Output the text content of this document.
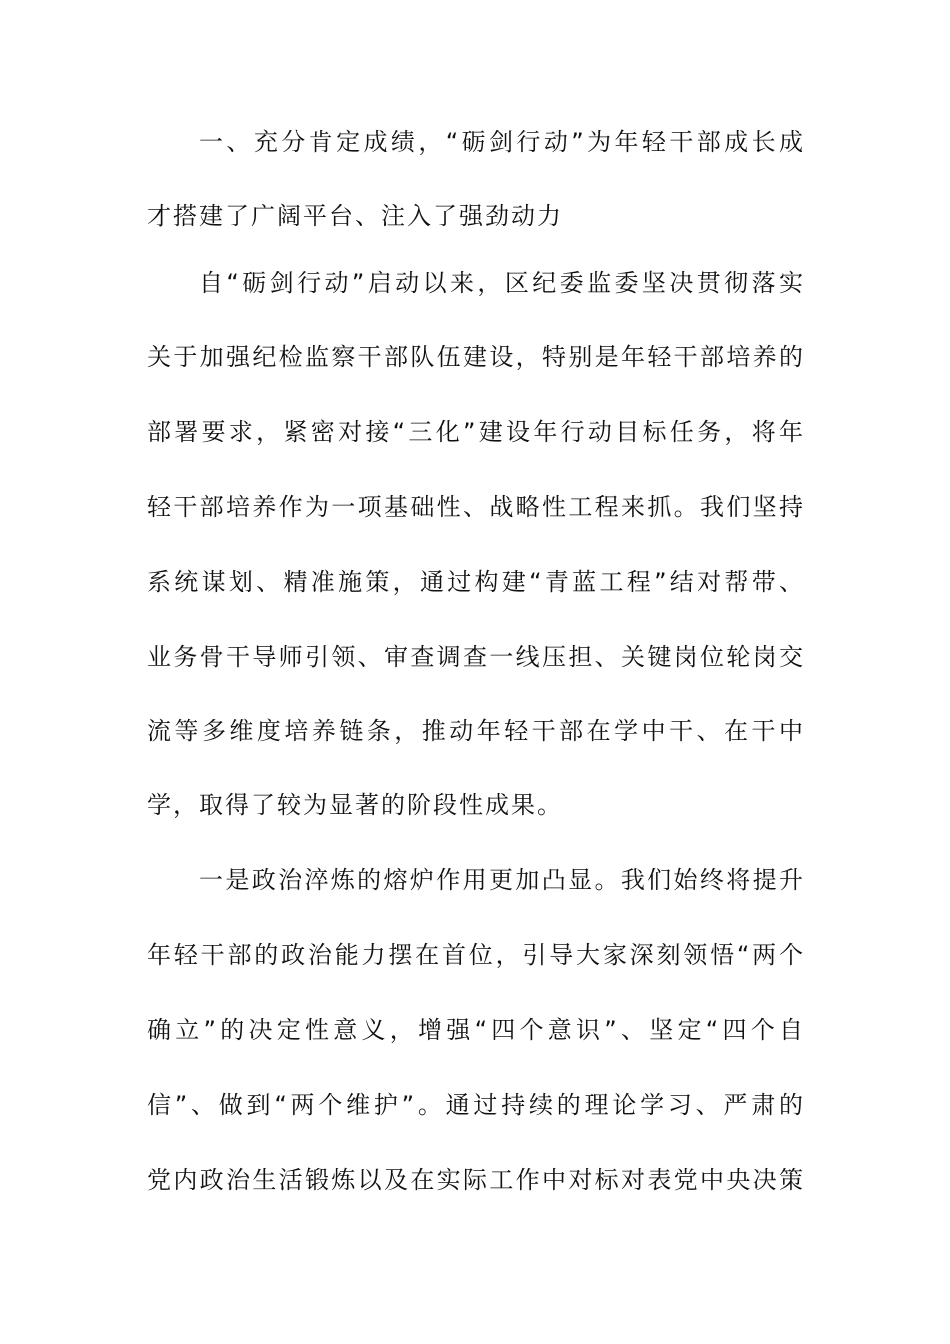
一、充分肯定成绩，“砺剑行动”为年轻干部成长成
才搭建了广阔平台、注入了强劲动力
自“砺剑行动”启动以来，区纪委监委坚决贯彻落实
关于加强纪检监察干部队伍建设，特别是年轻干部培养的
部署要求，紧密对接“三化”建设年行动目标任务，将年
轻干部培养作为一项基础性、战略性工程来抓。我们坚持
系统谋划、精准施策，通过构建“青蓝工程”结对帮带、
业务骨干导师引领、审查调查一线压担、关键岗位轮岗交
流等多维度培养链条，推动年轻干部在学中干、在干中
学，取得了较为显著的阶段性成果。
一是政治淬炼的熔炉作用更加凸显。我们始终将提升
年轻干部的政治能力摆在首位，引导大家深刻领悟“两个
确立”的决定性意义，增强“四个意识”、坚定“四个自
信”、做到“两个维护”。通过持续的理论学习、严肃的
党内政治生活锻炼以及在实际工作中对标对表党中央决策
